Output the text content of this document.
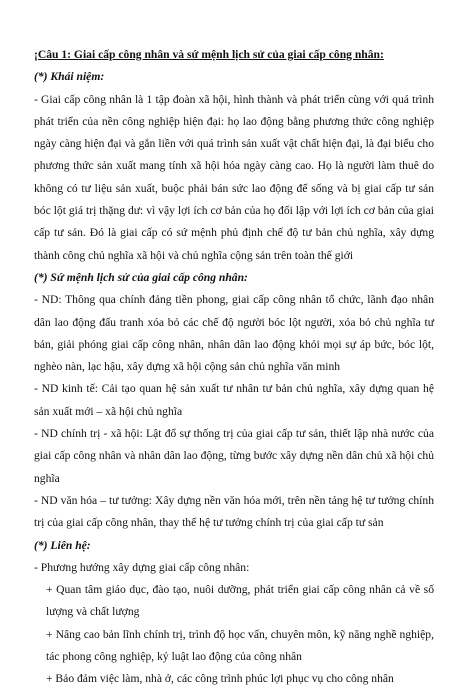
¡Câu 1: Giai cấp công nhân và sứ mệnh lịch sử của giai cấp công nhân:

(*) Khái niệm:

- Giai cấp công nhân là 1 tập đoàn xã hội, hình thành và phát triển cùng với quá trình phát triển của nền công nghiệp hiện đại: họ lao động bằng phương thức công nghiệp ngày càng hiện đại và gắn liền với quá trình sản xuất vật chất hiện đại, là đại biểu cho phương thức sản xuất mang tính xã hội hóa ngày càng cao. Họ là người làm thuê do không có tư liệu sản xuất, buộc phải bán sức lao động để sống và bị giai cấp tư sản bóc lột giá trị thặng dư: vì vậy lợi ích cơ bản của họ đối lập với lợi ích cơ bản của giai cấp tư sản. Đó là giai cấp có sứ mệnh phủ định chế độ tư bản chủ nghĩa, xây dựng thành công chủ nghĩa xã hội và chủ nghĩa cộng sản trên toàn thế giới

(*) Sứ mệnh lịch sử của giai cấp công nhân:

- ND: Thông qua chính đảng tiền phong, giai cấp công nhân tổ chức, lãnh đạo nhân dân lao động đấu tranh xóa bỏ các chế độ người bóc lột người, xóa bỏ chủ nghĩa tư bản, giải phóng giai cấp công nhân, nhân dân lao động khỏi mọi sự áp bức, bóc lột, nghèo nàn, lạc hậu, xây dựng xã hội cộng sản chủ nghĩa văn minh

- ND kinh tế: Cải tạo quan hệ sản xuất tư nhân tư bản chủ nghĩa, xây dựng quan hệ sản xuất mới – xã hội chủ nghĩa

- ND chính trị - xã hội: Lật đổ sự thống trị của giai cấp tư sản, thiết lập nhà nước của giai cấp công nhân và nhân dân lao động, từng bước xây dựng nền dân chủ xã hội chủ nghĩa

- ND văn hóa – tư tưởng: Xây dựng nền văn hóa mới, trên nền tảng hệ tư tưởng chính trị của giai cấp công nhân, thay thế hệ tư tưởng chính trị của giai cấp tư sản

(*) Liên hệ:

- Phương hướng xây dựng giai cấp công nhân:

+ Quan tâm giáo dục, đào tạo, nuôi dưỡng, phát triển giai cấp công nhân cả về số lượng và chất lượng

+ Nâng cao bản lĩnh chính trị, trình độ học vấn, chuyên môn, kỹ năng nghề nghiệp, tác phong công nghiệp, kỷ luật lao động của công nhân

+ Bảo đảm việc làm, nhà ở, các công trình phúc lợi phục vụ cho công nhân
